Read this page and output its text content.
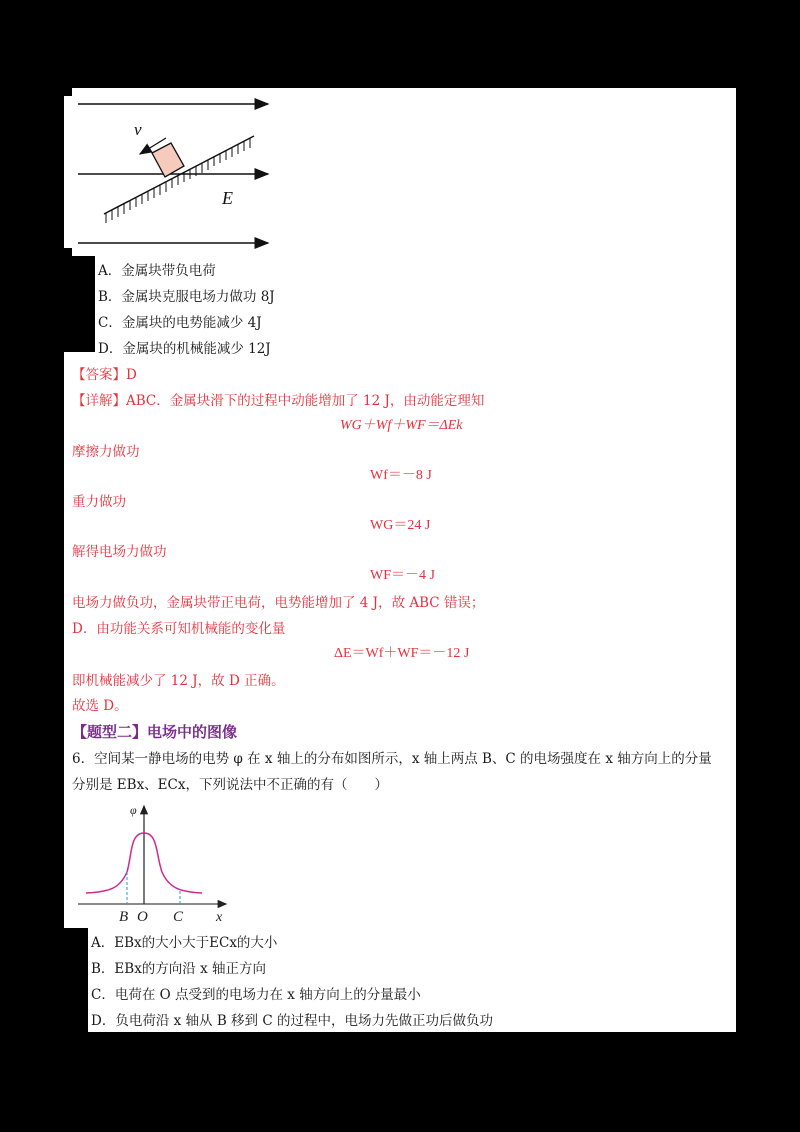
v
E
A．金属块带负电荷
B．金属块克服电场力做功 8J
C．金属块的电势能减少 4J
D．金属块的机械能减少 12J
【答案】D
【详解】ABC．金属块滑下的过程中动能增加了 12 J，由动能定理知
WG＋Wf＋WF＝ΔEk
摩擦力做功
Wf＝－8 J
重力做功
WG＝24 J
解得电场力做功
WF＝－4 J
电场力做负功，金属块带正电荷，电势能增加了 4 J，故 ABC 错误；
D．由功能关系可知机械能的变化量
ΔE＝Wf＋WF＝－12 J
即机械能减少了 12 J，故 D 正确。
故选 D。
【题型二】电场中的图像
6．空间某一静电场的电势 φ 在 x 轴上的分布如图所示，x 轴上两点 B、C 的电场强度在 x 轴方向上的分量
分别是 EBx、ECx，下列说法中不正确的有（　　）
φ
x
B O C
A．EBx的大小大于ECx的大小
B．EBx的方向沿 x 轴正方向
C．电荷在 O 点受到的电场力在 x 轴方向上的分量最小
D．负电荷沿 x 轴从 B 移到 C 的过程中，电场力先做正功后做负功
